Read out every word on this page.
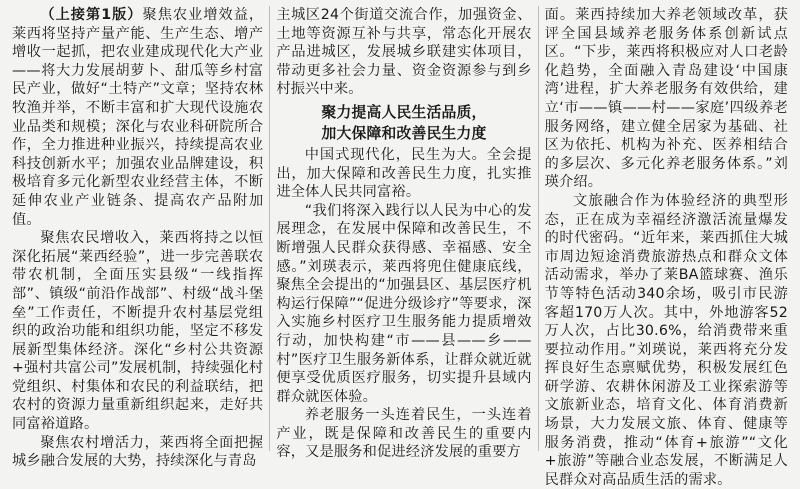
（上接第1版）聚焦农业增效益，莱西将坚持产量产能、生产生态、增产增收一起抓，把农业建成现代化大产业——将大力发展胡萝卜、甜瓜等乡村富民产业，做好“土特产”文章；坚持农林牧渔并举，不断丰富和扩大现代设施农业品类和规模；深化与农业科研院所合作，全力推进种业振兴，持续提高农业科技创新水平；加强农业品牌建设，积极培育多元化新型农业经营主体，不断延伸农业产业链条、提高农产品附加值。

聚焦农民增收入，莱西将持之以恒深化拓展“莱西经验”，进一步完善联农带农机制，全面压实县级“一线指挥部”、镇级“前沿作战部”、村级“战斗堡垒”工作责任，不断提升农村基层党组织的政治功能和组织功能，坚定不移发展新型集体经济。深化“乡村公共资源+强村共富公司”发展机制，持续强化村党组织、村集体和农民的利益联结，把农村的资源力量重新组织起来，走好共同富裕道路。

聚焦农村增活力，莱西将全面把握城乡融合发展的大势，持续深化与青岛

主城区24个街道交流合作，加强资金、土地等资源互补与共享，常态化开展农产品进城区，发展城乡联建实体项目，带动更多社会力量、资金资源参与到乡村振兴中来。

聚力提高人民生活品质，
加大保障和改善民生力度

中国式现代化，民生为大。全会提出，加大保障和改善民生力度，扎实推进全体人民共同富裕。

“我们将深入践行以人民为中心的发展理念，在发展中保障和改善民生，不断增强人民群众获得感、幸福感、安全感。”刘瑛表示，莱西将兜住健康底线，聚焦全会提出的“加强县区、基层医疗机构运行保障”“促进分级诊疗”等要求，深入实施乡村医疗卫生服务能力提质增效行动，加快构建“市——县——乡——村”医疗卫生服务新体系，让群众就近就便享受优质医疗服务，切实提升县域内群众就医体验。

养老服务一头连着民生，一头连着产业，既是保障和改善民生的重要内容，又是服务和促进经济发展的重要方

面。莱西持续加大养老领域改革，获评全国县域养老服务体系创新试点区。“下步，莱西将积极应对人口老龄化趋势，全面融入青岛建设‘中国康湾’进程，扩大养老服务有效供给，建立‘市——镇——村——家庭’四级养老服务网络，建立健全居家为基础、社区为依托、机构为补充、医养相结合的多层次、多元化养老服务体系。”刘瑛介绍。

文旅融合作为体验经济的典型形态，正在成为幸福经济激活流量爆发的时代密码。“近年来，莱西抓住大城市周边短途消费旅游热点和群众文体活动需求，举办了莱BA篮球赛、渔乐节等特色活动340余场，吸引市民游客超170万人次。其中，外地游客52万人次，占比30.6%，给消费带来重要拉动作用。”刘瑛说，莱西将充分发挥良好生态禀赋优势，积极发展红色研学游、农耕休闲游及工业探索游等文旅新业态，培育文化、体育消费新场景，大力发展文旅、体育、健康等服务消费，推动“体育+旅游”“文化+旅游”等融合业态发展，不断满足人民群众对高品质生活的需求。
